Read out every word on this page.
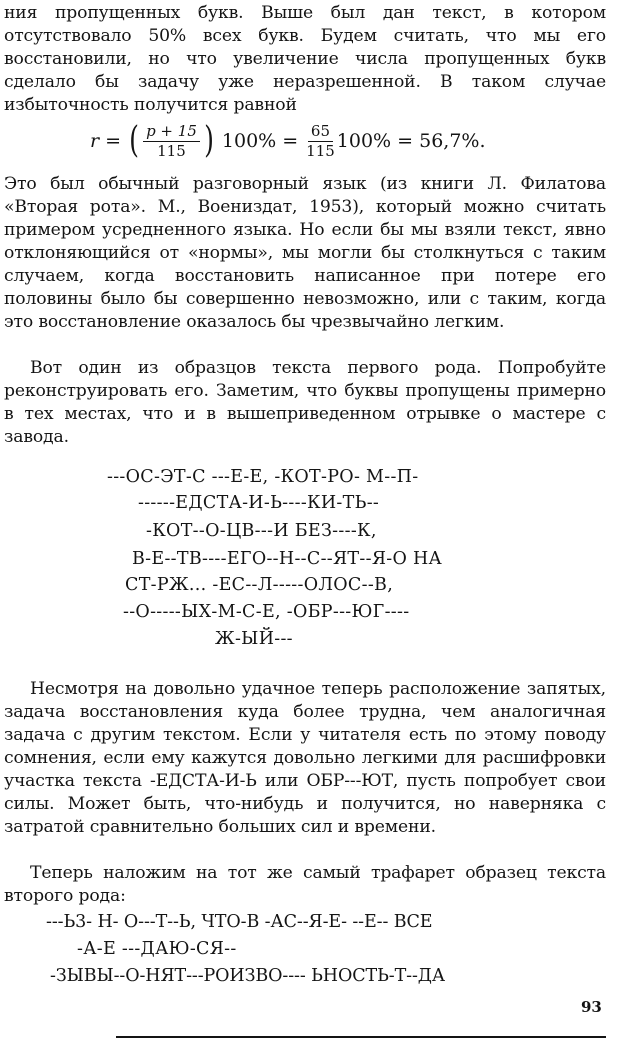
ния пропущенных букв. Выше был дан текст, в котором отсутствовало 50% всех букв. Будем считать, что мы его восстановили, но что увеличение числа пропущенных букв сделало бы задачу уже неразрешенной. В таком случае избыточность получится равной

r = ( $\frac{p + 15}{115}$ ) $100\% = \frac{65}{115} 100\% = 56,7\%$.

Это был обычный разговорный язык (из книги Л. Филатова «Вторая рота». М., Воениздат, 1953), который можно считать примером усредненного языка. Но если бы мы взяли текст, явно отклоняющийся от «нормы», мы могли бы столкнуться с таким случаем, когда восстановить написанное при потере его половины было бы совершенно невозможно, или с таким, когда это восстановление оказалось бы чрезвычайно легким.

Вот один из образцов текста первого рода. Попробуйте реконструировать его. Заметим, что буквы пропущены примерно в тех местах, что и в вышеприведенном отрывке о мастере с завода.

---ОС-ЭТ-С ---Е-Е, -КОТ-РО- М--П-
------ЕДСТА-И-Ь----КИ-ТЬ--
-КОТ--О-ЦВ---И БЕЗ----К,
В-Е--ТВ----ЕГО--Н--С--ЯТ--Я-О НА
СТ-РЖ... -ЕС--Л-----ОЛОС--В,
--О-----ЫХ-М-С-Е, -ОБР---ЮГ----
Ж-ЫЙ---

Несмотря на довольно удачное теперь расположение запятых, задача восстановления куда более трудна, чем аналогичная задача с другим текстом. Если у читателя есть по этому поводу сомнения, если ему кажутся довольно легкими для расшифровки участка текста -ЕДСТА-И-Ь или ОБР---ЮТ, пусть попробует свои силы. Может быть, что-нибудь и получится, но наверняка с затратой сравнительно больших сил и времени.

Теперь наложим на тот же самый трафарет образец текста второго рода:

---Ь3- Н- О---Т--Ь, ЧТО-В -АС--Я-Е- --Е-- ВСЕ
-А-Е ---ДАЮ-СЯ--
-ЗЫВЫ--О-НЯТ---РОИЗВО---- ЬНОСТЬ-Т--ДА
93
